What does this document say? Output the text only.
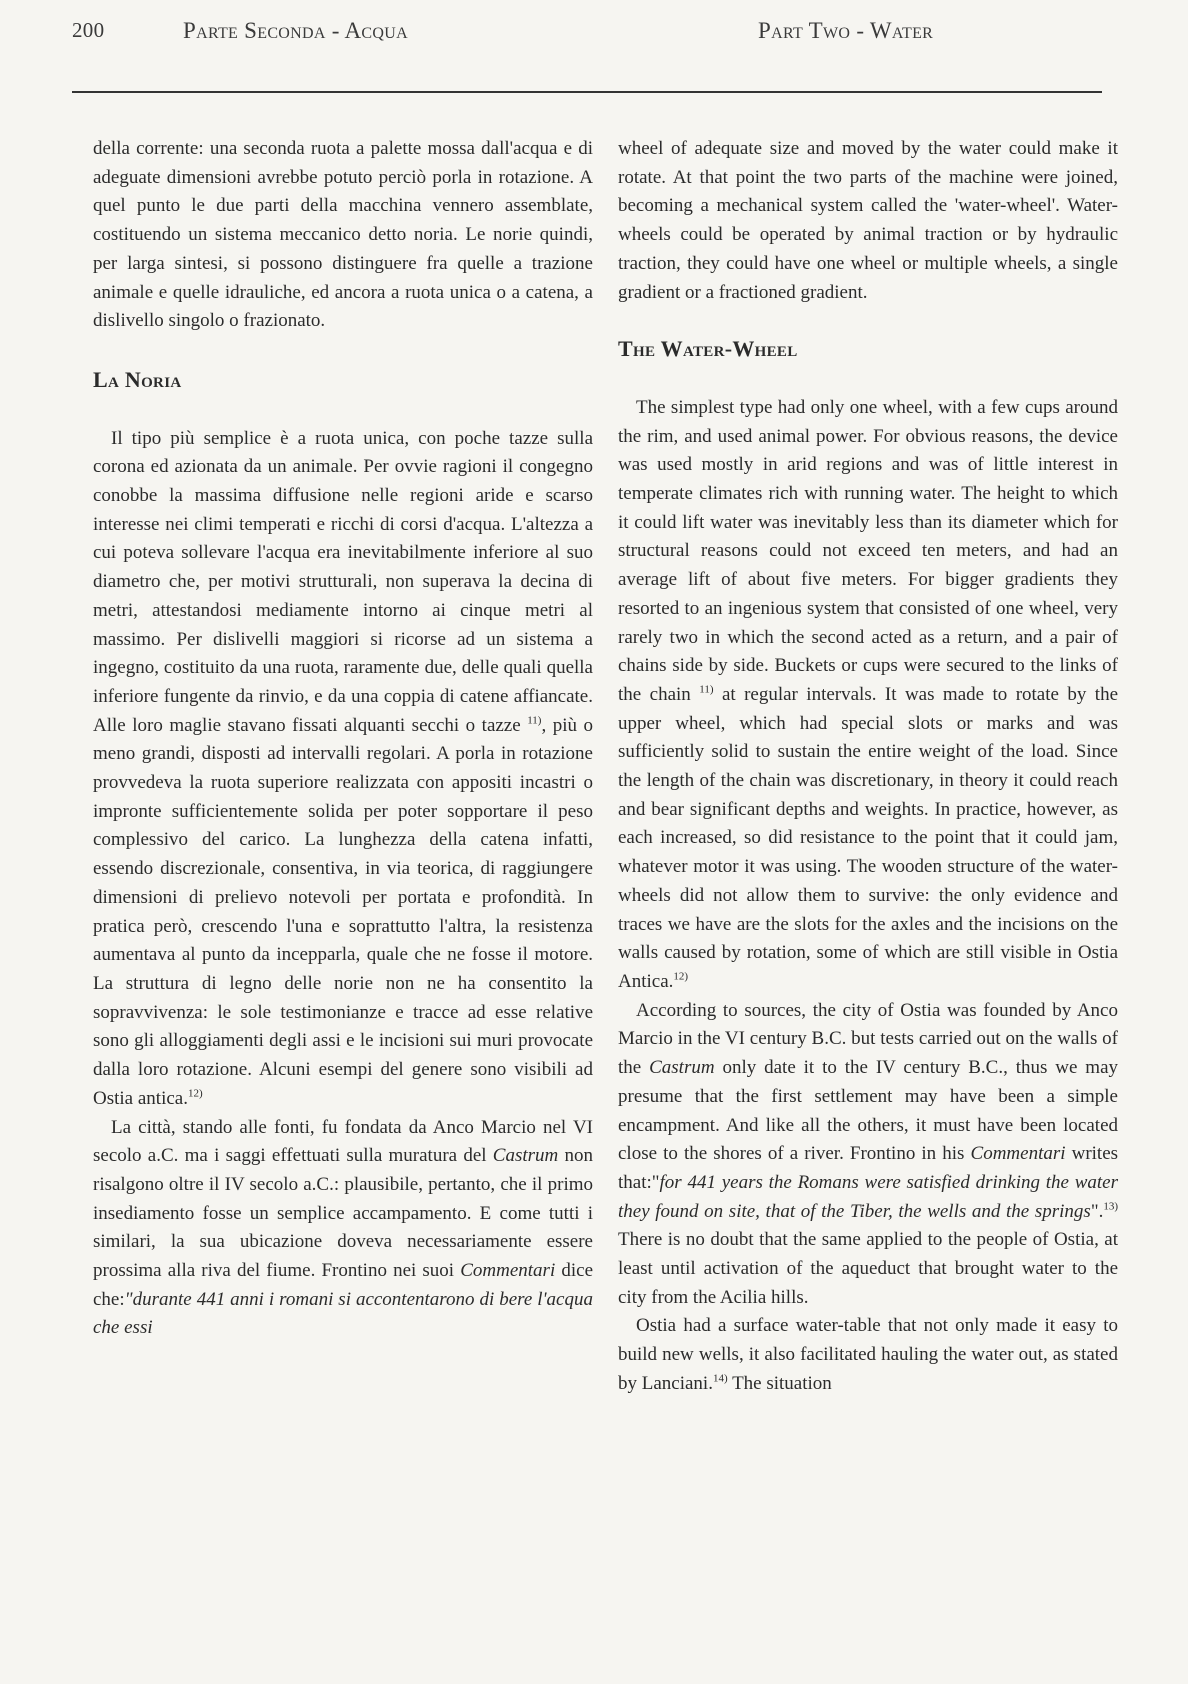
200	Parte Seconda - Acqua	Part Two - Water

della corrente: una seconda ruota a palette mossa dall'acqua e di adeguate dimensioni avrebbe potuto perciò porla in rotazione. A quel punto le due parti della macchina vennero assemblate, costituendo un sistema meccanico detto noria. Le norie quindi, per larga sintesi, si possono distinguere fra quelle a trazione animale e quelle idrauliche, ed ancora a ruota unica o a catena, a dislivello singolo o frazionato.

La Noria

Il tipo più semplice è a ruota unica, con poche tazze sulla corona ed azionata da un animale. Per ovvie ragioni il congegno conobbe la massima diffusione nelle regioni aride e scarso interesse nei climi temperati e ricchi di corsi d'acqua. L'altezza a cui poteva sollevare l'acqua era inevitabilmente inferiore al suo diametro che, per motivi strutturali, non superava la decina di metri, attestandosi mediamente intorno ai cinque metri al massimo. Per dislivelli maggiori si ricorse ad un sistema a ingegno, costituito da una ruota, raramente due, delle quali quella inferiore fungente da rinvio, e da una coppia di catene affiancate. Alle loro maglie stavano fissati alquanti secchi o tazze $^{11)}$, più o meno grandi, disposti ad intervalli regolari. A porla in rotazione provvedeva la ruota superiore realizzata con appositi incastri o impronte sufficientemente solida per poter sopportare il peso complessivo del carico. La lunghezza della catena infatti, essendo discrezionale, consentiva, in via teorica, di raggiungere dimensioni di prelievo notevoli per portata e profondità. In pratica però, crescendo l'una e soprattutto l'altra, la resistenza aumentava al punto da incepparla, quale che ne fosse il motore. La struttura di legno delle norie non ne ha consentito la sopravvivenza: le sole testimonianze e tracce ad esse relative sono gli alloggiamenti degli assi e le incisioni sui muri provocate dalla loro rotazione. Alcuni esempi del genere sono visibili ad Ostia antica.$^{12)}$

La città, stando alle fonti, fu fondata da Anco Marcio nel VI secolo a.C. ma i saggi effettuati sulla muratura del Castrum non risalgono oltre il IV secolo a.C.: plausibile, pertanto, che il primo insediamento fosse un semplice accampamento. E come tutti i similari, la sua ubicazione doveva necessariamente essere prossima alla riva del fiume. Frontino nei suoi Commentari dice che:"durante 441 anni i romani si accontentarono di bere l'acqua che essi

wheel of adequate size and moved by the water could make it rotate. At that point the two parts of the machine were joined, becoming a mechanical system called the 'water-wheel'. Water-wheels could be operated by animal traction or by hydraulic traction, they could have one wheel or multiple wheels, a single gradient or a fractioned gradient.

The Water-Wheel

The simplest type had only one wheel, with a few cups around the rim, and used animal power. For obvious reasons, the device was used mostly in arid regions and was of little interest in temperate climates rich with running water. The height to which it could lift water was inevitably less than its diameter which for structural reasons could not exceed ten meters, and had an average lift of about five meters. For bigger gradients they resorted to an ingenious system that consisted of one wheel, very rarely two in which the second acted as a return, and a pair of chains side by side. Buckets or cups were secured to the links of the chain $^{11)}$ at regular intervals. It was made to rotate by the upper wheel, which had special slots or marks and was sufficiently solid to sustain the entire weight of the load. Since the length of the chain was discretionary, in theory it could reach and bear significant depths and weights. In practice, however, as each increased, so did resistance to the point that it could jam, whatever motor it was using. The wooden structure of the water-wheels did not allow them to survive: the only evidence and traces we have are the slots for the axles and the incisions on the walls caused by rotation, some of which are still visible in Ostia Antica.$^{12)}$

According to sources, the city of Ostia was founded by Anco Marcio in the VI century B.C. but tests carried out on the walls of the Castrum only date it to the IV century B.C., thus we may presume that the first settlement may have been a simple encampment. And like all the others, it must have been located close to the shores of a river. Frontino in his Commentari writes that:"for 441 years the Romans were satisfied drinking the water they found on site, that of the Tiber, the wells and the springs".$^{13)}$ There is no doubt that the same applied to the people of Ostia, at least until activation of the aqueduct that brought water to the city from the Acilia hills.

Ostia had a surface water-table that not only made it easy to build new wells, it also facilitated hauling the water out, as stated by Lanciani.$^{14)}$ The situation
